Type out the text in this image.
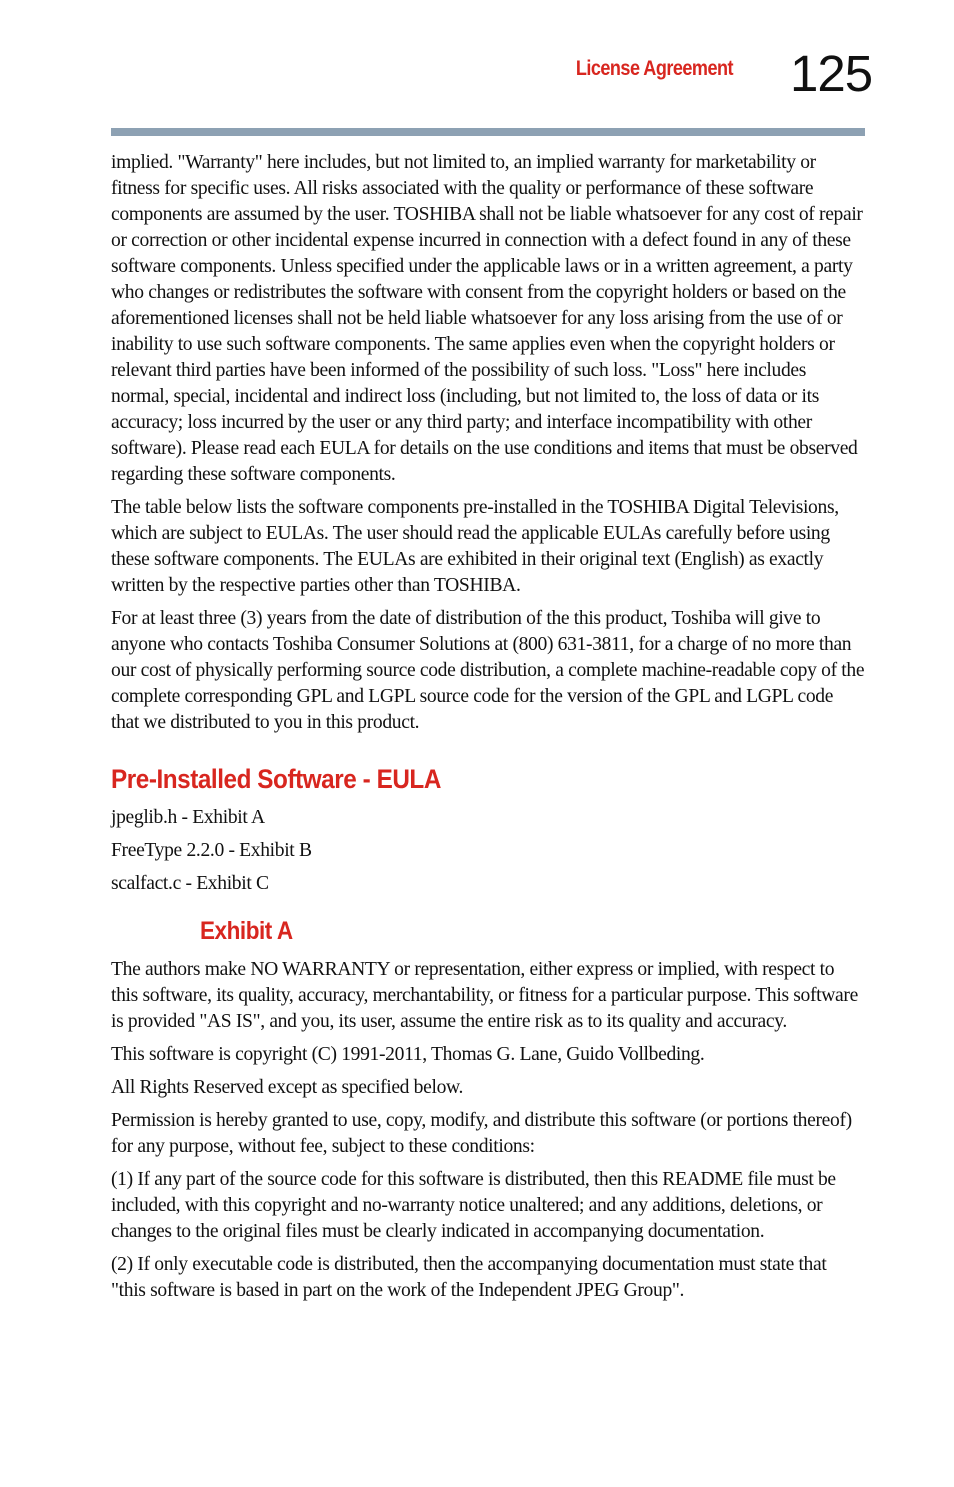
License Agreement 125

implied. "Warranty" here includes, but not limited to, an implied warranty for marketability or fitness for specific uses. All risks associated with the quality or performance of these software components are assumed by the user. TOSHIBA shall not be liable whatsoever for any cost of repair or correction or other incidental expense incurred in connection with a defect found in any of these software components. Unless specified under the applicable laws or in a written agreement, a party who changes or redistributes the software with consent from the copyright holders or based on the aforementioned licenses shall not be held liable whatsoever for any loss arising from the use of or inability to use such software components. The same applies even when the copyright holders or relevant third parties have been informed of the possibility of such loss. "Loss" here includes normal, special, incidental and indirect loss (including, but not limited to, the loss of data or its accuracy; loss incurred by the user or any third party; and interface incompatibility with other software). Please read each EULA for details on the use conditions and items that must be observed regarding these software components.

The table below lists the software components pre-installed in the TOSHIBA Digital Televisions, which are subject to EULAs. The user should read the applicable EULAs carefully before using these software components. The EULAs are exhibited in their original text (English) as exactly written by the respective parties other than TOSHIBA.

For at least three (3) years from the date of distribution of the this product, Toshiba will give to anyone who contacts Toshiba Consumer Solutions at (800) 631-3811, for a charge of no more than our cost of physically performing source code distribution, a complete machine-readable copy of the complete corresponding GPL and LGPL source code for the version of the GPL and LGPL code that we distributed to you in this product.

Pre-Installed Software - EULA
jpeglib.h - Exhibit A
FreeType 2.2.0 - Exhibit B
scalfact.c - Exhibit C
Exhibit A

The authors make NO WARRANTY or representation, either express or implied, with respect to this software, its quality, accuracy, merchantability, or fitness for a particular purpose. This software is provided "AS IS", and you, its user, assume the entire risk as to its quality and accuracy.

This software is copyright (C) 1991-2011, Thomas G. Lane, Guido Vollbeding.

All Rights Reserved except as specified below.

Permission is hereby granted to use, copy, modify, and distribute this software (or portions thereof) for any purpose, without fee, subject to these conditions:

(1) If any part of the source code for this software is distributed, then this README file must be included, with this copyright and no-warranty notice unaltered; and any additions, deletions, or changes to the original files must be clearly indicated in accompanying documentation.

(2) If only executable code is distributed, then the accompanying documentation must state that "this software is based in part on the work of the Independent JPEG Group".
